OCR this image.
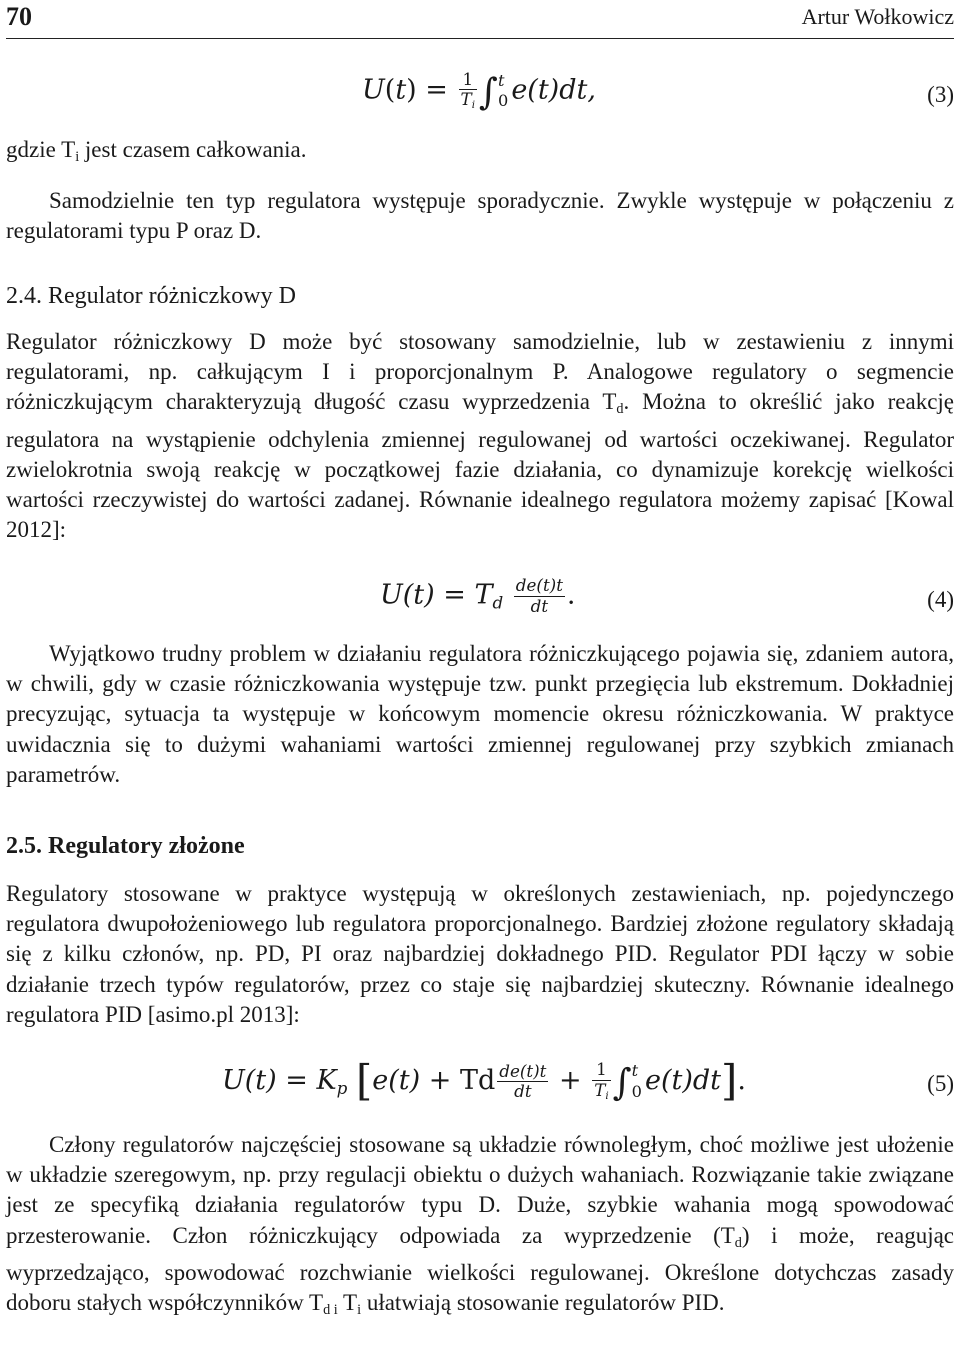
70	Artur Wołkowicz
$U(t) = \frac{1}{T_i}$ ∫ t
0 e(t)dt,	(3)
gdzie Ti jest czasem całkowania.
Samodzielnie ten typ regulatora występuje sporadycznie. Zwykle występuje w połączeniu z regulatorami typu P oraz D.
2.4. Regulator różniczkowy D
Regulator różniczkowy D może być stosowany samodzielnie, lub w zestawieniu z innymi regulatorami, np. całkującym I i proporcjonalnym P. Analogowe regulatory o segmencie różniczkującym charakteryzują długość czasu wyprzedzenia Td. Można to określić jako reakcję regulatora na wystąpienie odchylenia zmiennej regulowanej od wartości oczekiwanej. Regulator zwielokrotnia swoją reakcję w początkowej fazie działania, co dynamizuje korekcję wielkości wartości rzeczywistej do wartości zadanej. Równanie idealnego regulatora możemy zapisać [Kowal 2012]:
$U(t) = T_d \frac{de(t)t}{dt}$ .	(4)
Wyjątkowo trudny problem w działaniu regulatora różniczkującego pojawia się, zdaniem autora, w chwili, gdy w czasie różniczkowania występuje tzw. punkt przegięcia lub ekstremum. Dokładniej precyzując, sytuacja ta występuje w końcowym momencie okresu różniczkowania. W praktyce uwidacznia się to dużymi wahaniami wartości zmiennej regulowanej przy szybkich zmianach parametrów.
2.5. Regulatory złożone
Regulatory stosowane w praktyce występują w określonych zestawieniach, np. pojedynczego regulatora dwupołożeniowego lub regulatora proporcjonalnego. Bardziej złożone regulatory składają się z kilku członów, np. PD, PI oraz najbardziej dokładnego PID. Regulator PDI łączy w sobie działanie trzech typów regulatorów, przez co staje się najbardziej skuteczny. Równanie idealnego regulatora PID [asimo.pl 2013]:
$U(t) = K_p$ [e(t) + Td $\frac{de(t)t}{dt} + \frac{1}{T_i}$ ∫ t
0 e(t)dt].	(5)
Człony regulatorów najczęściej stosowane są układzie równoległym, choć możliwe jest ułożenie w układzie szeregowym, np. przy regulacji obiektu o dużych wahaniach. Rozwiązanie takie związane jest ze specyfiką działania regulatorów typu D. Duże, szybkie wahania mogą spowodować przesterowanie. Człon różniczkujący odpowiada za wyprzedzenie (Td) i może, reagując wyprzedzająco, spowodować rozchwianie wielkości regulowanej. Określone dotychczas zasady doboru stałych współczynników Td i Ti ułatwiają stosowanie regulatorów PID.
